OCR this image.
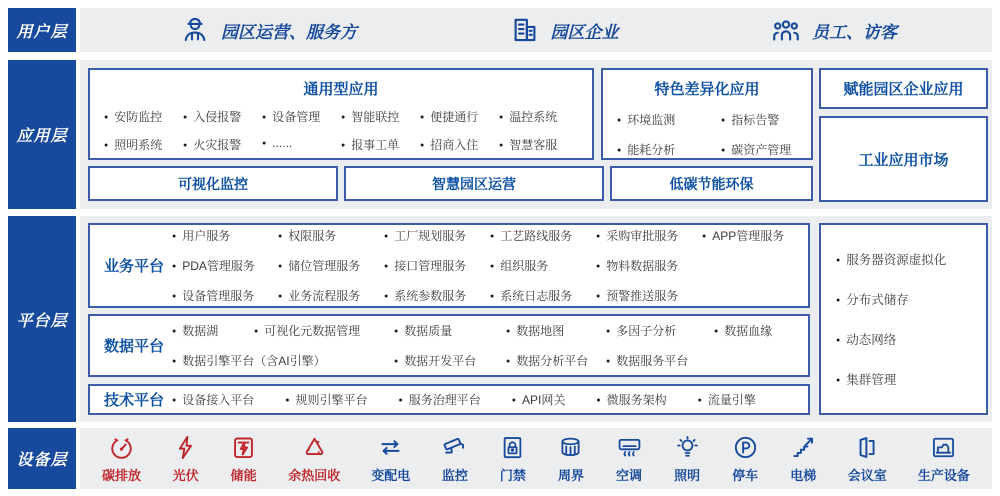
用户层	园区运营、服务方	园区企业	员工、访客
应用层
通用型应用
● 安防监控	● 入侵报警	● 设备管理	● 智能联控	● 便捷通行	● 温控系统
● 照明系统	● 火灾报警	● ......	● 报事工单	● 招商入住	● 智慧客服
特色差异化应用
● 环境监测	● 指标告警
● 能耗分析	● 碳资产管理
赋能园区企业应用
工业应用市场
可视化监控	智慧园区运营	低碳节能环保
平台层
业务平台
● 用户服务	● 权限服务	● 工厂规划服务	● 工艺路线服务	● 采购审批服务	● APP管理服务
● PDA管理服务	● 储位管理服务	● 接口管理服务	● 组织服务	● 物料数据服务
● 设备管理服务	● 业务流程服务	● 系统参数服务	● 系统日志服务	● 预警推送服务
数据平台
● 数据湖	● 可视化元数据管理	● 数据质量	● 数据地图	● 多因子分析	● 数据血缘
● 数据引擎平台（含AI引擎）	● 数据开发平台	● 数据分析平台	● 数据服务平台
技术平台	● 设备接入平台	● 规则引擎平台	● 服务治理平台	● API网关	● 微服务架构	● 流量引擎
● 服务器资源虚拟化
● 分布式储存
● 动态网络
● 集群管理
设备层
碳排放 光伏 储能 余热回收 变配电 监控 门禁 周界 空调 照明 停车 电梯 会议室 生产设备
